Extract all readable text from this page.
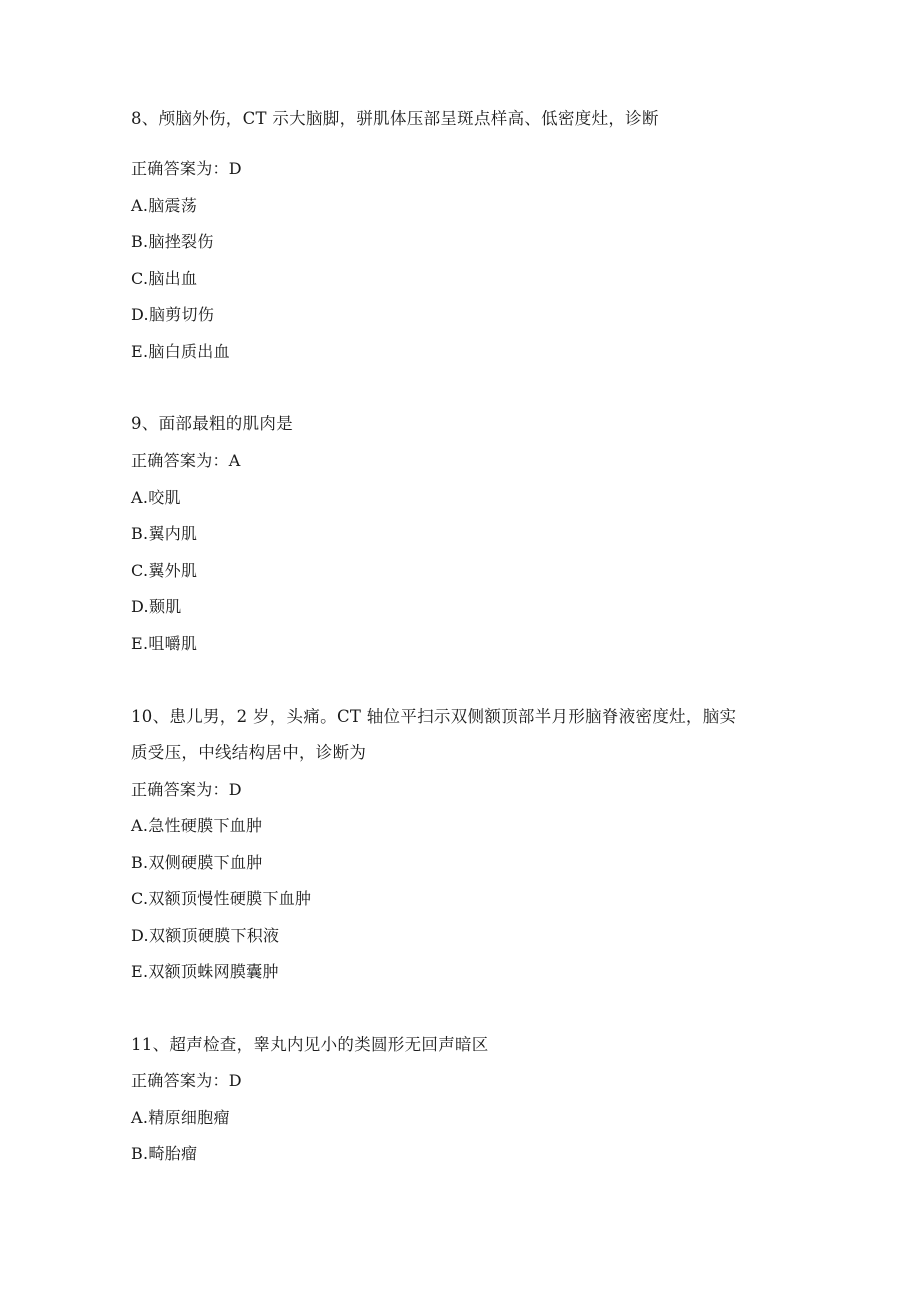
8、颅脑外伤，CT 示大脑脚，骈肌体压部呈斑点样高、低密度灶，诊断
正确答案为：D
A.脑震荡
B.脑挫裂伤
C.脑出血
D.脑剪切伤
E.脑白质出血
9、面部最粗的肌肉是
正确答案为：A
A.咬肌
B.翼内肌
C.翼外肌
D.颞肌
E.咀嚼肌
10、患儿男，2 岁，头痛。CT 轴位平扫示双侧额顶部半月形脑脊液密度灶，脑实
质受压，中线结构居中，诊断为
正确答案为：D
A.急性硬膜下血肿
B.双侧硬膜下血肿
C.双额顶慢性硬膜下血肿
D.双额顶硬膜下积液
E.双额顶蛛网膜囊肿
11、超声检查，睾丸内见小的类圆形无回声暗区
正确答案为：D
A.精原细胞瘤
B.畸胎瘤
